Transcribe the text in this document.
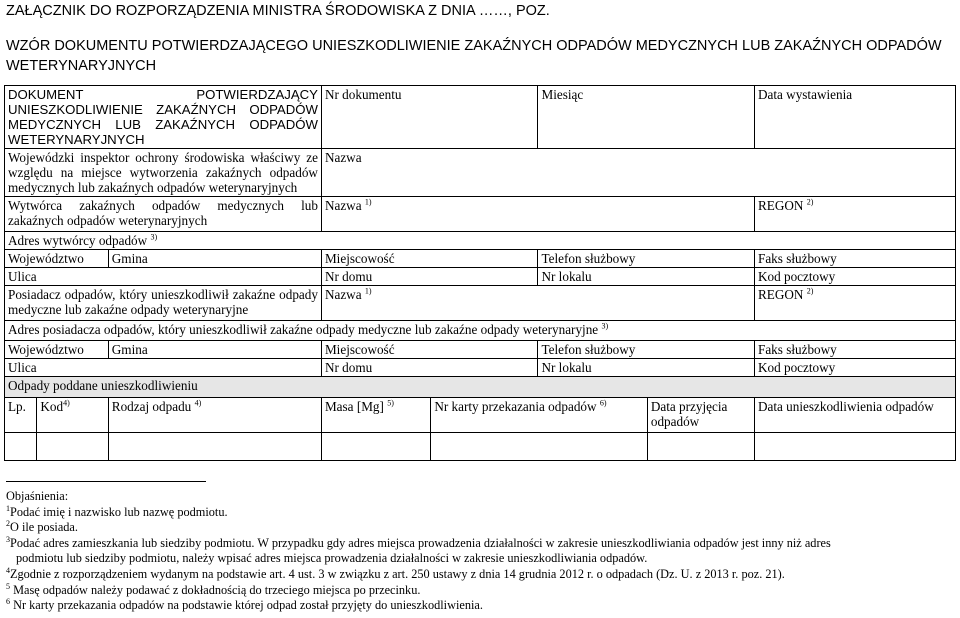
ZAŁĄCZNIK DO ROZPORZĄDZENIA MINISTRA ŚRODOWISKA Z DNIA ……, POZ.
WZÓR DOKUMENTU POTWIERDZAJĄCEGO UNIESZKODLIWIENIE ZAKAŹNYCH ODPADÓW MEDYCZNYCH LUB ZAKAŹNYCH ODPADÓW WETERYNARYJNYCH
DOKUMENT POTWIERDZAJĄCY UNIESZKODLIWIENIE ZAKAŹNYCH ODPADÓW MEDYCZNYCH LUB ZAKAŹNYCH ODPADÓW WETERYNARYJNYCH			Nr dokumentu		Miesiąc		Data wystawienia
Wojewódzki inspektor ochrony środowiska właściwy ze względu na miejsce wytworzenia zakaźnych odpadów medycznych lub zakaźnych odpadów weterynaryjnych			Nazwa				
Wytwórca zakaźnych odpadów medycznych lub zakaźnych odpadów weterynaryjnych			Nazwa $^{1)}$				REGON $^{2)}$
Adres wytwórcy odpadów $^{3)}$
Województwo		Gmina	Miejscowość		Telefon służbowy		Faks służbowy
Ulica			Nr domu		Nr lokalu		Kod pocztowy
Posiadacz odpadów, który unieszkodliwił zakaźne odpady medyczne lub zakaźne odpady weterynaryjne			Nazwa $^{1)}$				REGON $^{2)}$
Adres posiadacza odpadów, który unieszkodliwił zakaźne odpady medyczne lub zakaźne odpady weterynaryjne $^{3)}$
Województwo		Gmina	Miejscowość		Telefon służbowy		Faks służbowy
Ulica			Nr domu		Nr lokalu		Kod pocztowy
Odpady poddane unieszkodliwieniu							
Lp.	Kod$^{4)}$	Rodzaj odpadu $^{4)}$	Masa [Mg] $^{5)}$	Nr karty przekazania odpadów $^{6)}$		Data przyjęcia odpadów	Data unieszkodliwienia odpadów

Objaśnienia:
$^1$Podać imię i nazwisko lub nazwę podmiotu.
$^2$O ile posiada.
$^3$Podać adres zamieszkania lub siedziby podmiotu. W przypadku gdy adres miejsca prowadzenia działalności w zakresie unieszkodliwiania odpadów jest inny niż adres
podmiotu lub siedziby podmiotu, należy wpisać adres miejsca prowadzenia działalności w zakresie unieszkodliwiania odpadów.
$^4$Zgodnie z rozporządzeniem wydanym na podstawie art. 4 ust. 3 w związku z art. 250 ustawy z dnia 14 grudnia 2012 r. o odpadach (Dz. U. z 2013 r. poz. 21).
$^5$ Masę odpadów należy podawać z dokładnością do trzeciego miejsca po przecinku.
$^6$ Nr karty przekazania odpadów na podstawie której odpad został przyjęty do unieszkodliwienia.
